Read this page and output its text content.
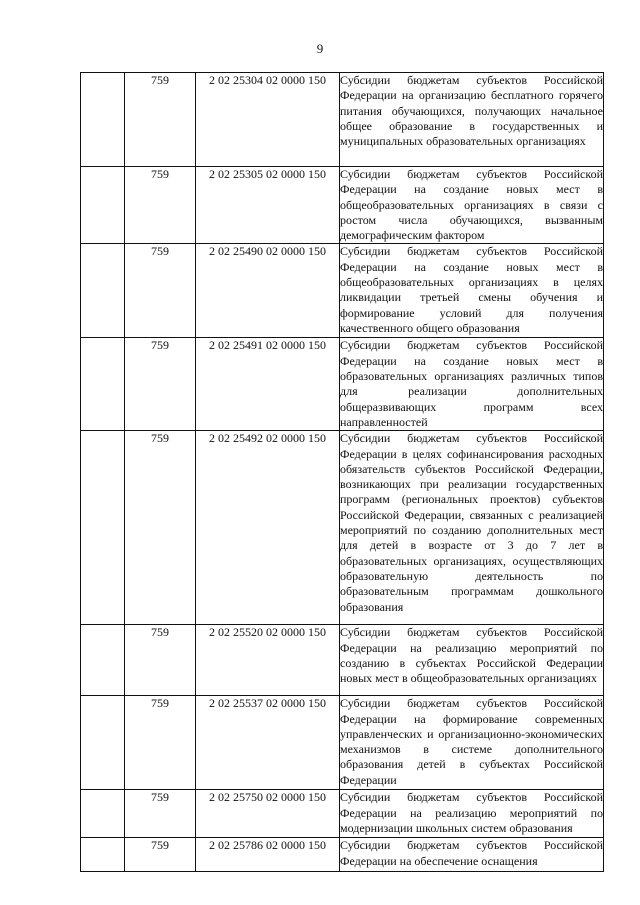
9
	759	2 02 25304 02 0000 150	Субсидии бюджетам субъектов Российской Федерации на организацию бесплатного горячего питания обучающихся, получающих начальное общее образование в государственных и муниципальных образовательных организациях

	759	2 02 25305 02 0000 150	Субсидии бюджетам субъектов Российской Федерации на создание новых мест в общеобразовательных организациях в связи с ростом числа обучающихся, вызванным демографическим фактором

	759	2 02 25490 02 0000 150	Субсидии бюджетам субъектов Российской Федерации на создание новых мест в общеобразовательных организациях в целях ликвидации третьей смены обучения и формирование условий для получения качественного общего образования

	759	2 02 25491 02 0000 150	Субсидии бюджетам субъектов Российской Федерации на создание новых мест в образовательных организациях различных типов для реализации дополнительных общеразвивающих программ всех направленностей

	759	2 02 25492 02 0000 150	Субсидии бюджетам субъектов Российской Федерации в целях софинансирования расходных обязательств субъектов Российской Федерации, возникающих при реализации государственных программ (региональных проектов) субъектов Российской Федерации, связанных с реализацией мероприятий по созданию дополнительных мест для детей в возрасте от 3 до 7 лет в образовательных организациях, осуществляющих образовательную деятельность по образовательным программам дошкольного образования

	759	2 02 25520 02 0000 150	Субсидии бюджетам субъектов Российской Федерации на реализацию мероприятий по созданию в субъектах Российской Федерации новых мест в общеобразовательных организациях

	759	2 02 25537 02 0000 150	Субсидии бюджетам субъектов Российской Федерации на формирование современных управленческих и организационно-экономических механизмов в системе дополнительного образования детей в субъектах Российской Федерации

	759	2 02 25750 02 0000 150	Субсидии бюджетам субъектов Российской Федерации на реализацию мероприятий по модернизации школьных систем образования

	759	2 02 25786 02 0000 150	Субсидии бюджетам субъектов Российской Федерации на обеспечение оснащения
